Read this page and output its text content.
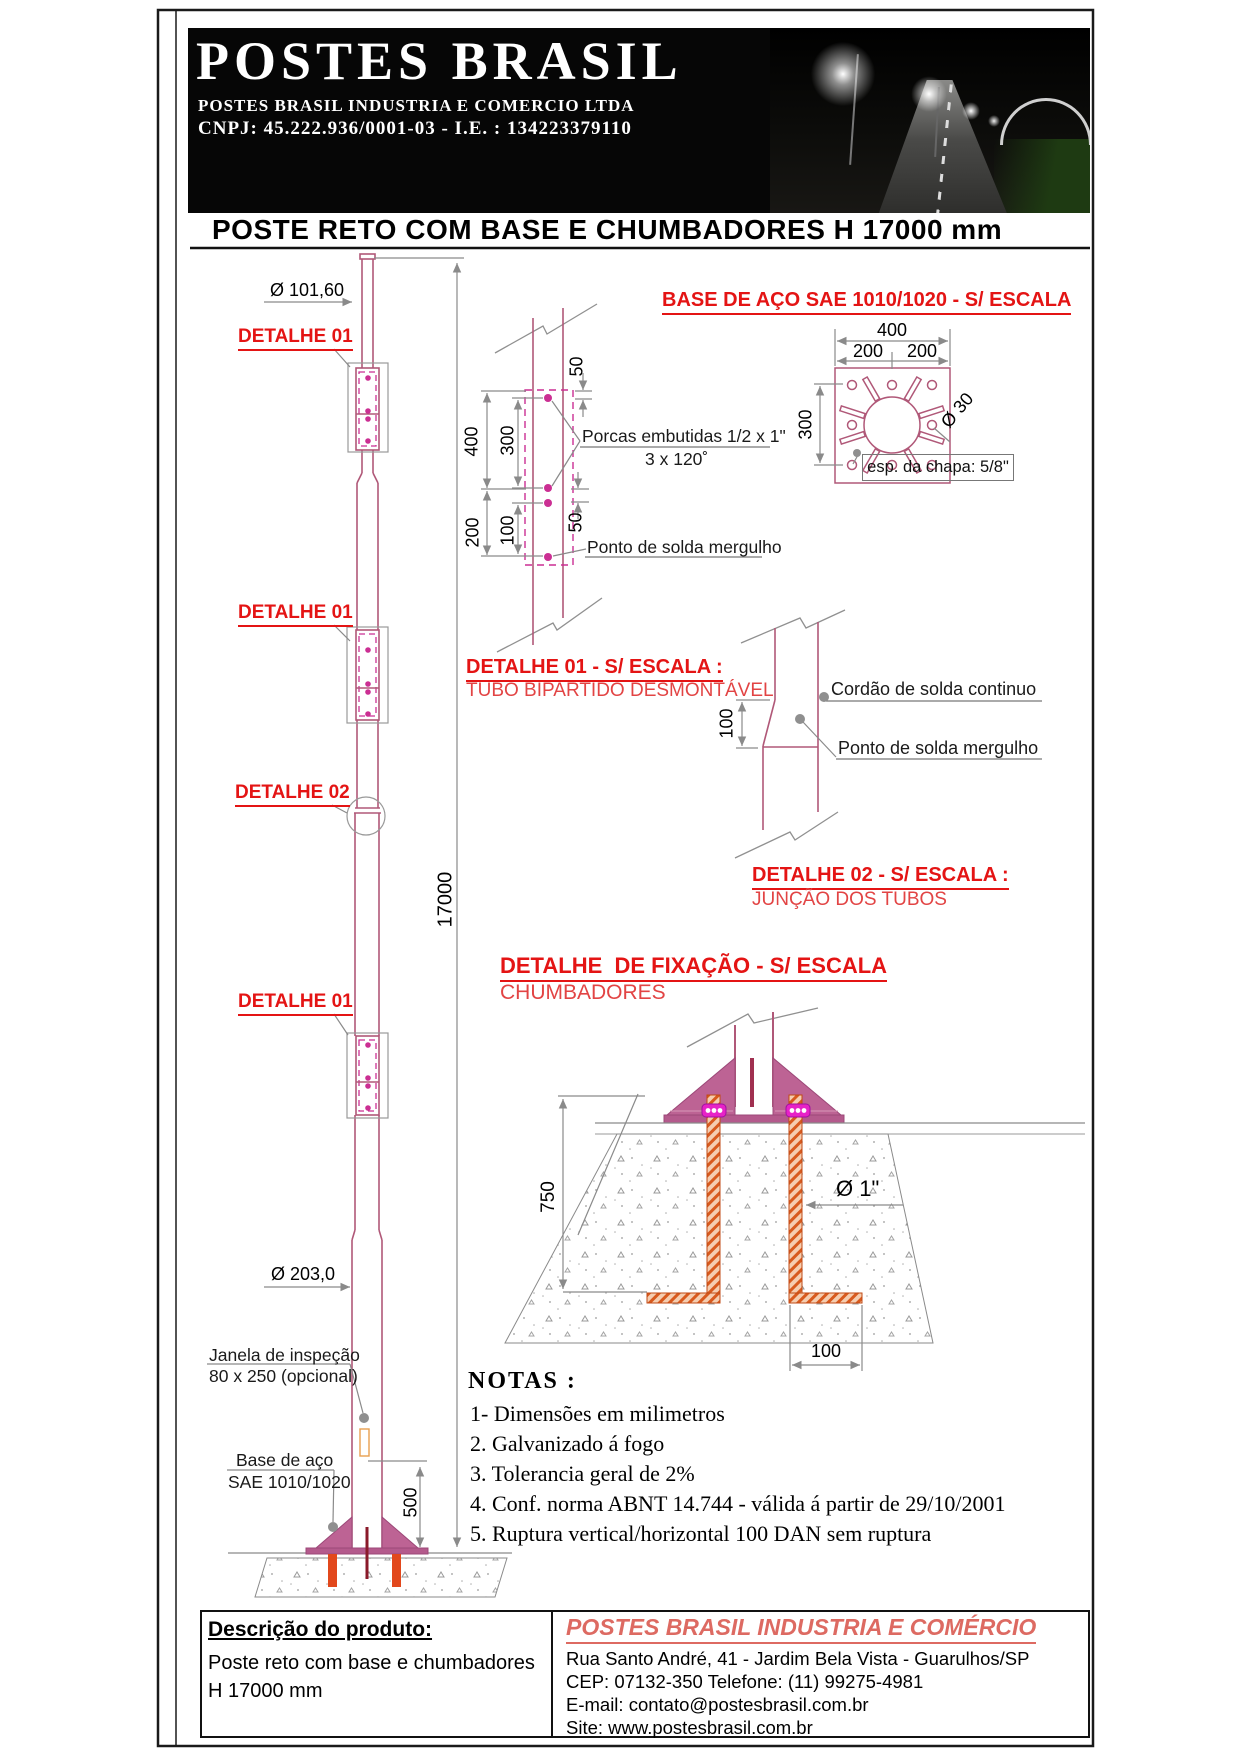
POSTES BRASIL
POSTES BRASIL INDUSTRIA E COMERCIO LTDA
CNPJ: 45.222.936/0001-03 - I.E. : 134223379110
POSTE RETO COM BASE E CHUMBADORES H 17000 mm
Ø 101,60
DETALHE 01
DETALHE 01
DETALHE 02
DETALHE 01
17000
Ø 203,0
Janela de inspeção
80 x 250 (opcional)
Base de aço
SAE 1010/1020
500
50
400 300
200 100	50
Porcas embutidas 1/2 x 1"
3 x 120˚
Ponto de solda mergulho
BASE DE AÇO SAE 1010/1020 - S/ ESCALA
400
200	200
300	Ø 30
esp. da chapa: 5/8"
DETALHE 01 - S/ ESCALA :
TUBO BIPARTIDO DESMONTÁVEL
100
Cordão de solda continuo
Ponto de solda mergulho
DETALHE 02 - S/ ESCALA :
JUNÇÃO DOS TUBOS
DETALHE  DE FIXAÇÃO - S/ ESCALA
CHUMBADORES
750	Ø 1"
100
NOTAS :
1- Dimensões em milimetros
2. Galvanizado á fogo
3. Tolerancia geral de 2%
4. Conf. norma ABNT 14.744 - válida á partir de 29/10/2001
5. Ruptura vertical/horizontal 100 DAN sem ruptura
Descrição do produto:
Poste reto com base e chumbadores
H 17000 mm
POSTES BRASIL INDUSTRIA E COMÉRCIO
Rua Santo André, 41 - Jardim Bela Vista - Guarulhos/SP
CEP: 07132-350 Telefone: (11) 99275-4981
E-mail: contato@postesbrasil.com.br
Site: www.postesbrasil.com.br
